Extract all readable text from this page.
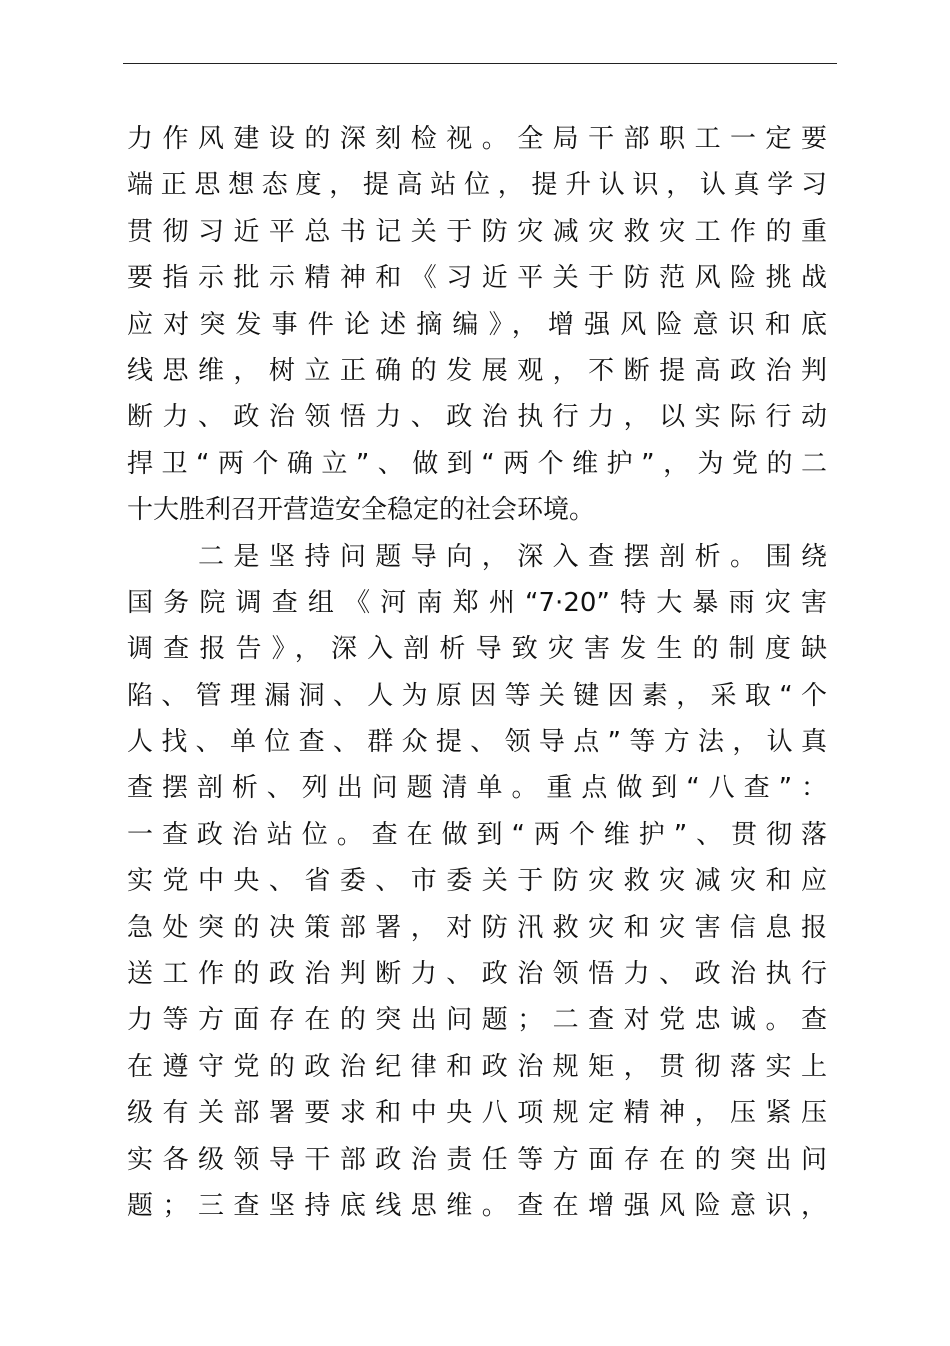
力作风建设的深刻检视。全局干部职工一定要
端正思想态度，提高站位，提升认识，认真学习
贯彻习近平总书记关于防灾减灾救灾工作的重
要指示批示精神和《习近平关于防范风险挑战
应对突发事件论述摘编》，增强风险意识和底
线思维，树立正确的发展观，不断提高政治判
断力、政治领悟力、政治执行力，以实际行动
捍卫“两个确立”、做到“两个维护”，为党的二
十大胜利召开营造安全稳定的社会环境。
　　二是坚持问题导向，深入查摆剖析。围绕
国务院调查组《河南郑州“7·20”特大暴雨灾害
调查报告》，深入剖析导致灾害发生的制度缺
陷、管理漏洞、人为原因等关键因素，采取“个
人找、单位查、群众提、领导点”等方法，认真
查摆剖析、列出问题清单。重点做到“八查”：
一查政治站位。查在做到“两个维护”、贯彻落
实党中央、省委、市委关于防灾救灾减灾和应
急处突的决策部署，对防汛救灾和灾害信息报
送工作的政治判断力、政治领悟力、政治执行
力等方面存在的突出问题；二查对党忠诚。查
在遵守党的政治纪律和政治规矩，贯彻落实上
级有关部署要求和中央八项规定精神，压紧压
实各级领导干部政治责任等方面存在的突出问
题；三查坚持底线思维。查在增强风险意识，
